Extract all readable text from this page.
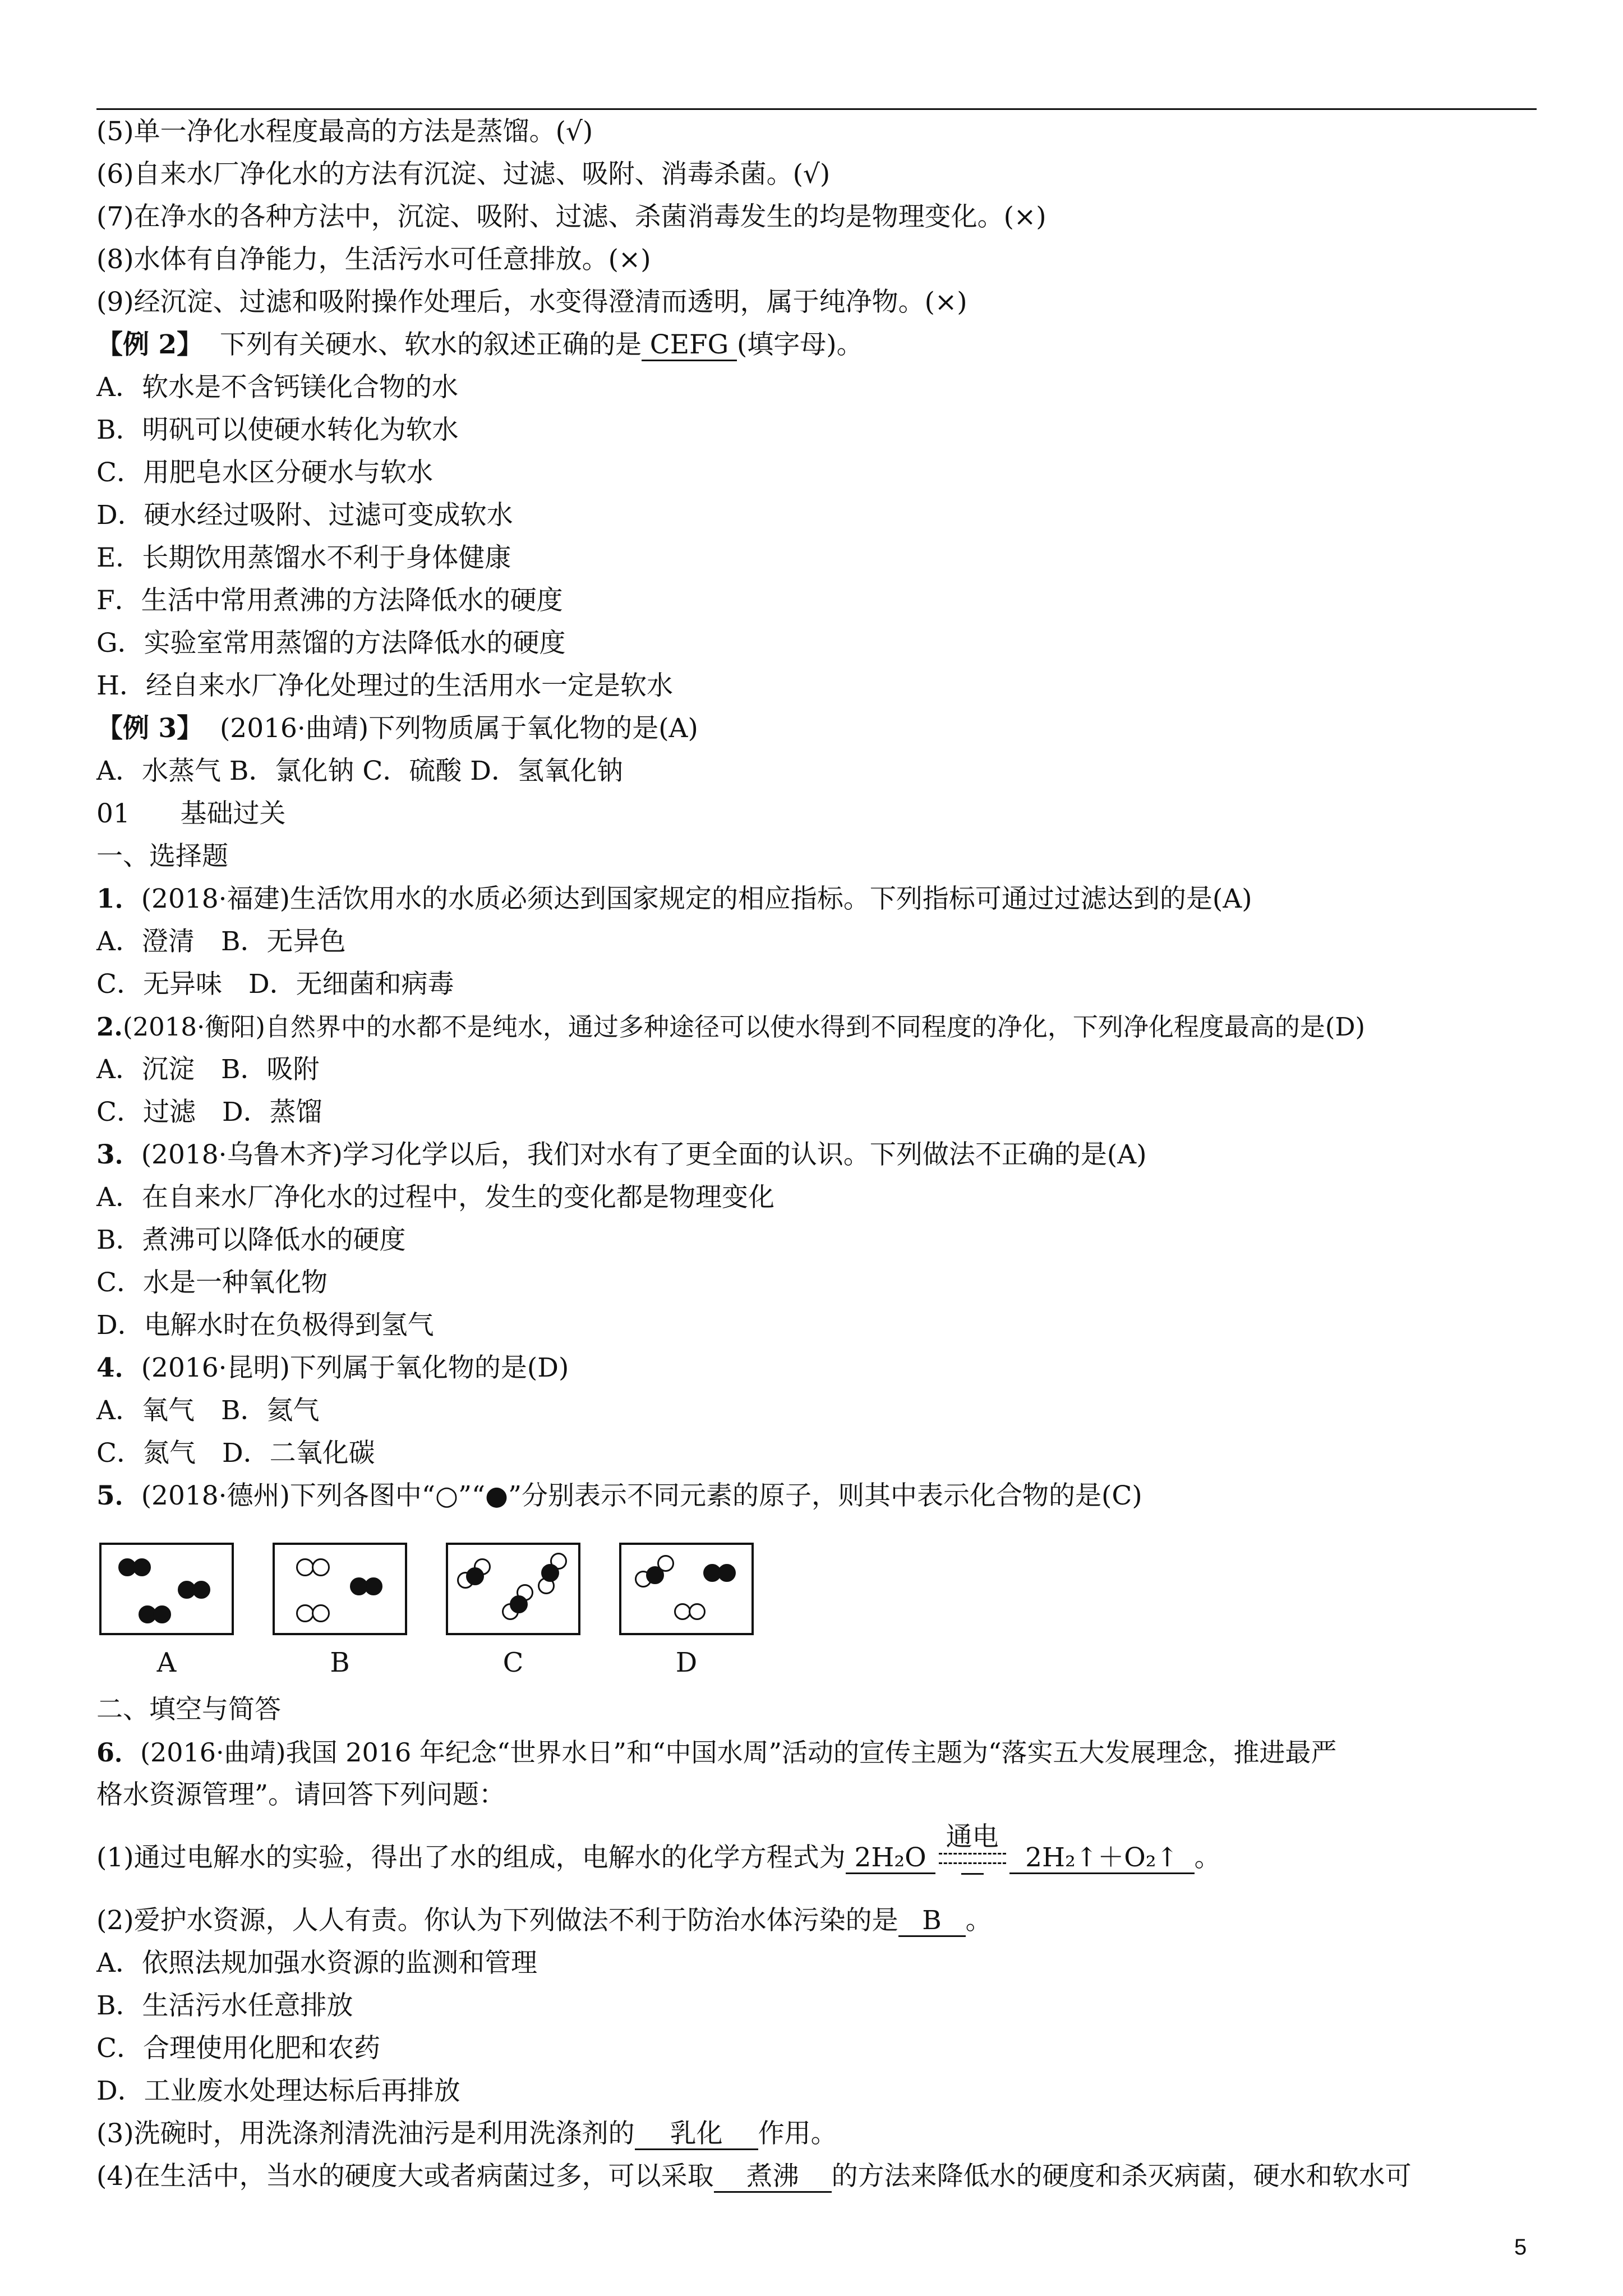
(5)单一净化水程度最高的方法是蒸馏。(√)
(6)自来水厂净化水的方法有沉淀、过滤、吸附、消毒杀菌。(√)
(7)在净水的各种方法中，沉淀、吸附、过滤、杀菌消毒发生的均是物理变化。(×)
(8)水体有自净能力，生活污水可任意排放。(×)
(9)经沉淀、过滤和吸附操作处理后，水变得澄清而透明，属于纯净物。(×)
【例 2】 下列有关硬水、软水的叙述正确的是 CEFG (填字母)。
A．软水是不含钙镁化合物的水
B．明矾可以使硬水转化为软水
C．用肥皂水区分硬水与软水
D．硬水经过吸附、过滤可变成软水
E．长期饮用蒸馏水不利于身体健康
F．生活中常用煮沸的方法降低水的硬度
G．实验室常用蒸馏的方法降低水的硬度
H．经自来水厂净化处理过的生活用水一定是软水
【例 3】 (2016·曲靖)下列物质属于氧化物的是(A)
A．水蒸气 B．氯化钠 C．硫酸 D．氢氧化钠
01 基础过关
一、选择题
1．(2018·福建)生活饮用水的水质必须达到国家规定的相应指标。下列指标可通过过滤达到的是(A)
A．澄清　B．无异色
C．无异味　D．无细菌和病毒
2.(2018·衡阳)自然界中的水都不是纯水，通过多种途径可以使水得到不同程度的净化，下列净化程度最高的是(D)
A．沉淀　B．吸附
C．过滤　D．蒸馏
3．(2018·乌鲁木齐)学习化学以后，我们对水有了更全面的认识。下列做法不正确的是(A)
A．在自来水厂净化水的过程中，发生的变化都是物理变化
B．煮沸可以降低水的硬度
C．水是一种氧化物
D．电解水时在负极得到氢气
4．(2016·昆明)下列属于氧化物的是(D)
A．氧气　B．氦气
C．氮气　D．二氧化碳
5．(2018·德州)下列各图中“○”“●”分别表示不同元素的原子，则其中表示化合物的是(C)
A	B	C	D
二、填空与简答
6．(2016·曲靖)我国 2016 年纪念“世界水日”和“中国水周”活动的宣传主题为“落实五大发展理念，推进最严
格水资源管理”。请回答下列问题：
(1)通过电解水的实验，得出了水的组成，电解水的化学方程式为 2H₂O
通电
2H₂↑＋O₂↑ 。
(2)爱护水资源，人人有责。你认为下列做法不利于防治水体污染的是 B 。
A．依照法规加强水资源的监测和管理
B．生活污水任意排放
C．合理使用化肥和农药
D．工业废水处理达标后再排放
(3)洗碗时，用洗涤剂清洗油污是利用洗涤剂的 乳化 作用。
(4)在生活中，当水的硬度大或者病菌过多，可以采取 煮沸 的方法来降低水的硬度和杀灭病菌，硬水和软水可
5
